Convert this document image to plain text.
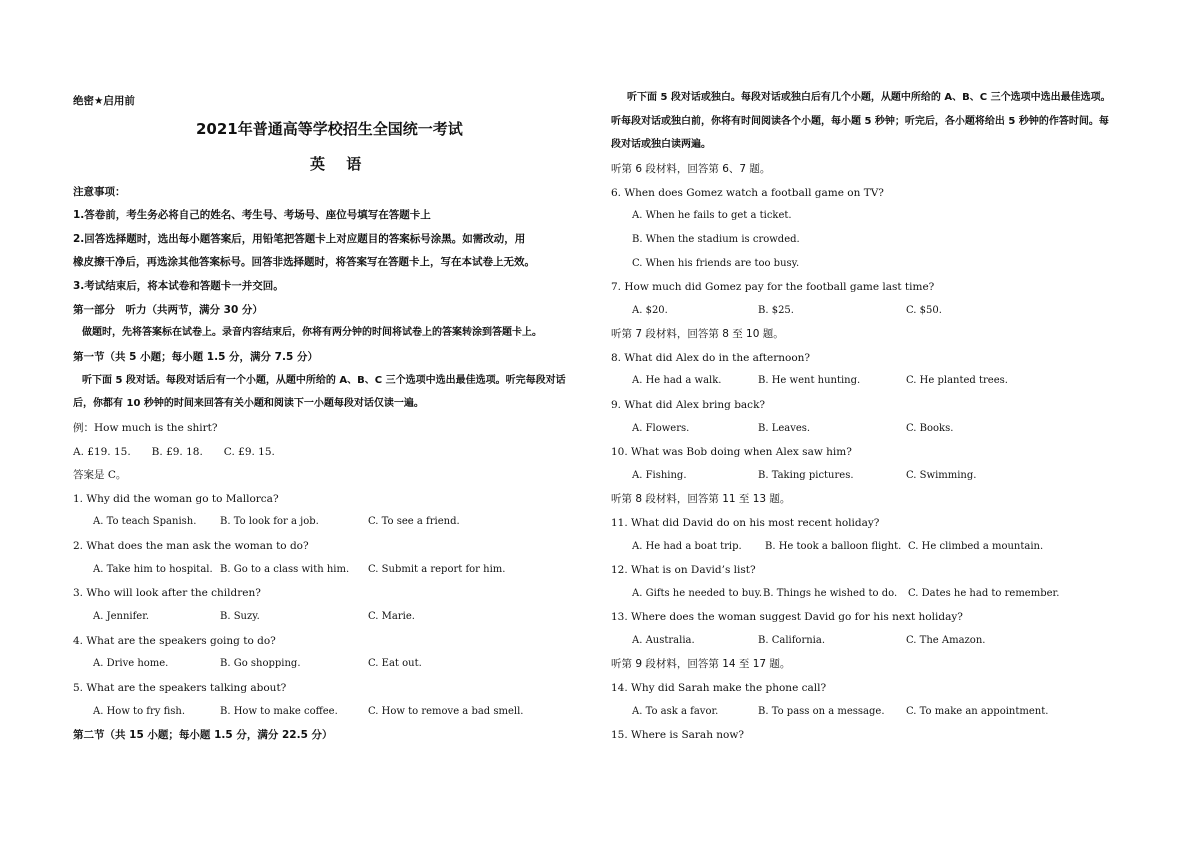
绝密★启用前
2021年普通高等学校招生全国统一考试
英 语
注意事项：
1.答卷前，考生务必将自己的姓名、考生号、考场号、座位号填写在答题卡上
2.回答选择题时，选出每小题答案后，用铅笔把答题卡上对应题目的答案标号涂黑。如需改动，用
橡皮擦干净后，再选涂其他答案标号。回答非选择题时，将答案写在答题卡上，写在本试卷上无效。
3.考试结束后，将本试卷和答题卡一并交回。
第一部分　听力（共两节，满分 30 分）
做题时，先将答案标在试卷上。录音内容结束后，你将有两分钟的时间将试卷上的答案转涂到答题卡上。
第一节（共 5 小题；每小题 1.5 分，满分 7.5 分）
听下面 5 段对话。每段对话后有一个小题，从题中所给的 A、B、C 三个选项中选出最佳选项。听完每段对话
后，你都有 10 秒钟的时间来回答有关小题和阅读下一小题每段对话仅读一遍。
例：How much is the shirt?
A. £19. 15.　　B. £9. 18.　　C. £9. 15.
答案是 C。
1. Why did the woman go to Mallorca?
A. To teach Spanish. B. To look for a job.	C. To see a friend.
2. What does the man ask the woman to do?
A. Take him to hospital. B. Go to a class with him. C. Submit a report for him.
3. Who will look after the children?
A. Jennifer.	B. Suzy.	C. Marie.
4. What are the speakers going to do?
A. Drive home.	B. Go shopping.	C. Eat out.
5. What are the speakers talking about?
A. How to fry fish.	B. How to make coffee.	C. How to remove a bad smell.
第二节（共 15 小题；每小题 1.5 分，满分 22.5 分）
听下面 5 段对话或独白。每段对话或独白后有几个小题，从题中所给的 A、B、C 三个选项中选出最佳选项。
听每段对话或独白前，你将有时间阅读各个小题，每小题 5 秒钟；听完后，各小题将给出 5 秒钟的作答时间。每
段对话或独白读两遍。
听第 6 段材料，回答第 6、7 题。
6. When does Gomez watch a football game on TV?
A. When he fails to get a ticket.
B. When the stadium is crowded.
C. When his friends are too busy.
7. How much did Gomez pay for the football game last time?
A. $20.	B. $25.	C. $50.
听第 7 段材料，回答第 8 至 10 题。
8. What did Alex do in the afternoon?
A. He had a walk.	B. He went hunting.	C. He planted trees.
9. What did Alex bring back?
A. Flowers.	B. Leaves.	C. Books.
10. What was Bob doing when Alex saw him?
A. Fishing.	B. Taking pictures.	C. Swimming.
听第 8 段材料，回答第 11 至 13 题。
11. What did David do on his most recent holiday?
A. He had a boat trip. B. He took a balloon flight. C. He climbed a mountain.
12. What is on David’s list?
A. Gifts he needed to buy. B. Things he wished to do. C. Dates he had to remember.
13. Where does the woman suggest David go for his next holiday?
A. Australia.	B. California.	C. The Amazon.
听第 9 段材料，回答第 14 至 17 题。
14. Why did Sarah make the phone call?
A. To ask a favor.	B. To pass on a message. C. To make an appointment.
15. Where is Sarah now?
